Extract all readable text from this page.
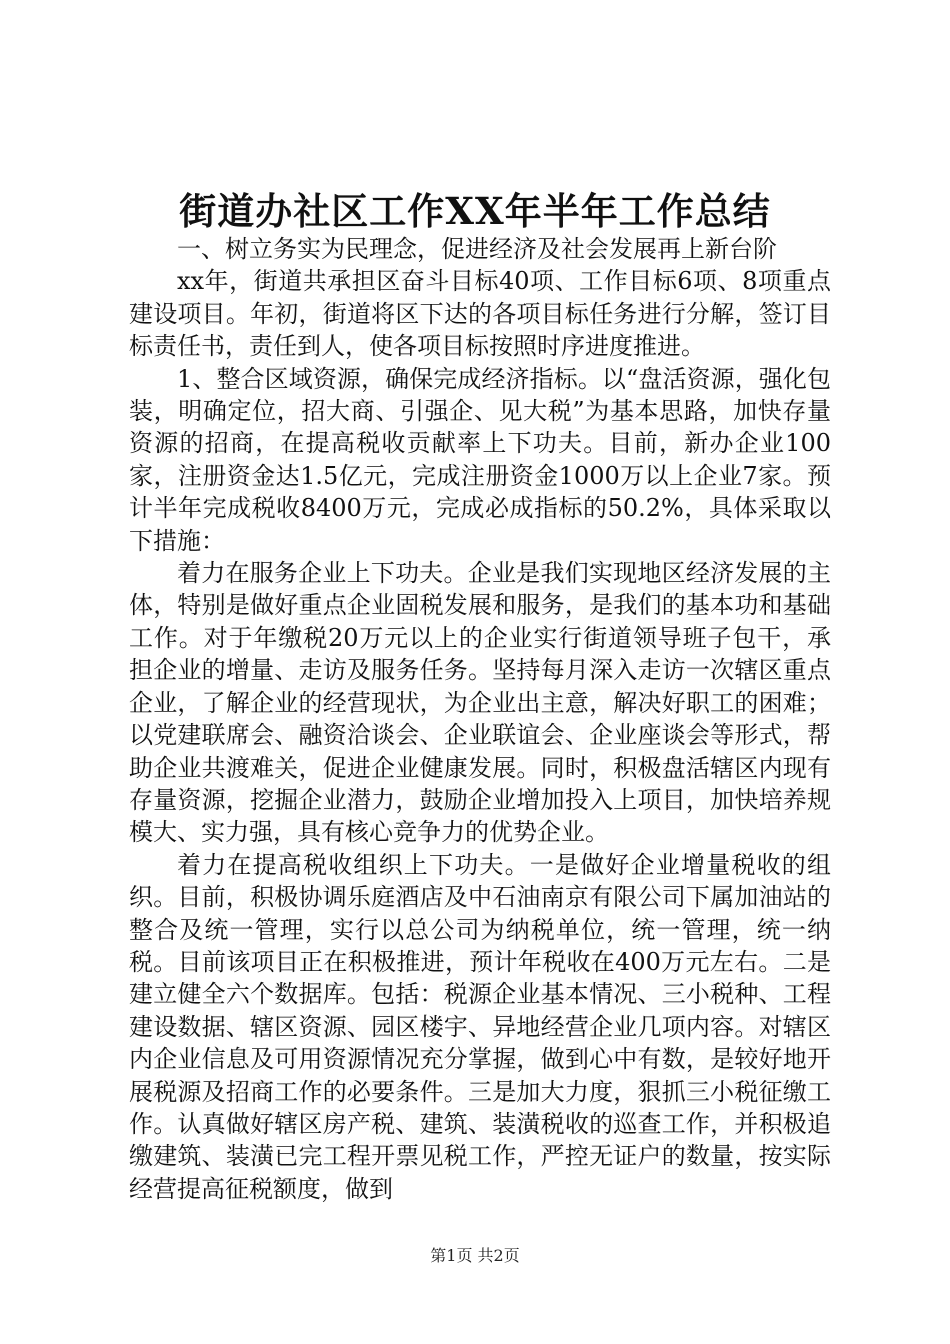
街道办社区工作XX年半年工作总结

一、树立务实为民理念，促进经济及社会发展再上新台阶

xx年，街道共承担区奋斗目标40项、工作目标6项、8项重点建设项目。年初，街道将区下达的各项目标任务进行分解，签订目标责任书，责任到人，使各项目标按照时序进度推进。

1、整合区域资源，确保完成经济指标。以“盘活资源，强化包装，明确定位，招大商、引强企、见大税”为基本思路，加快存量资源的招商，在提高税收贡献率上下功夫。目前，新办企业100家，注册资金达1.5亿元，完成注册资金1000万以上企业7家。预计半年完成税收8400万元，完成必成指标的50.2%，具体采取以下措施：

着力在服务企业上下功夫。企业是我们实现地区经济发展的主体，特别是做好重点企业固税发展和服务，是我们的基本功和基础工作。对于年缴税20万元以上的企业实行街道领导班子包干，承担企业的增量、走访及服务任务。坚持每月深入走访一次辖区重点企业，了解企业的经营现状，为企业出主意，解决好职工的困难；以党建联席会、融资洽谈会、企业联谊会、企业座谈会等形式，帮助企业共渡难关，促进企业健康发展。同时，积极盘活辖区内现有存量资源，挖掘企业潜力，鼓励企业增加投入上项目，加快培养规模大、实力强，具有核心竞争力的优势企业。

着力在提高税收组织上下功夫。一是做好企业增量税收的组织。目前，积极协调乐庭酒店及中石油南京有限公司下属加油站的整合及统一管理，实行以总公司为纳税单位，统一管理，统一纳税。目前该项目正在积极推进，预计年税收在400万元左右。二是建立健全六个数据库。包括：税源企业基本情况、三小税种、工程建设数据、辖区资源、园区楼宇、异地经营企业几项内容。对辖区内企业信息及可用资源情况充分掌握，做到心中有数，是较好地开展税源及招商工作的必要条件。三是加大力度，狠抓三小税征缴工作。认真做好辖区房产税、建筑、装潢税收的巡查工作，并积极追缴建筑、装潢已完工程开票见税工作，严控无证户的数量，按实际经营提高征税额度，做到

第1页 共2页
